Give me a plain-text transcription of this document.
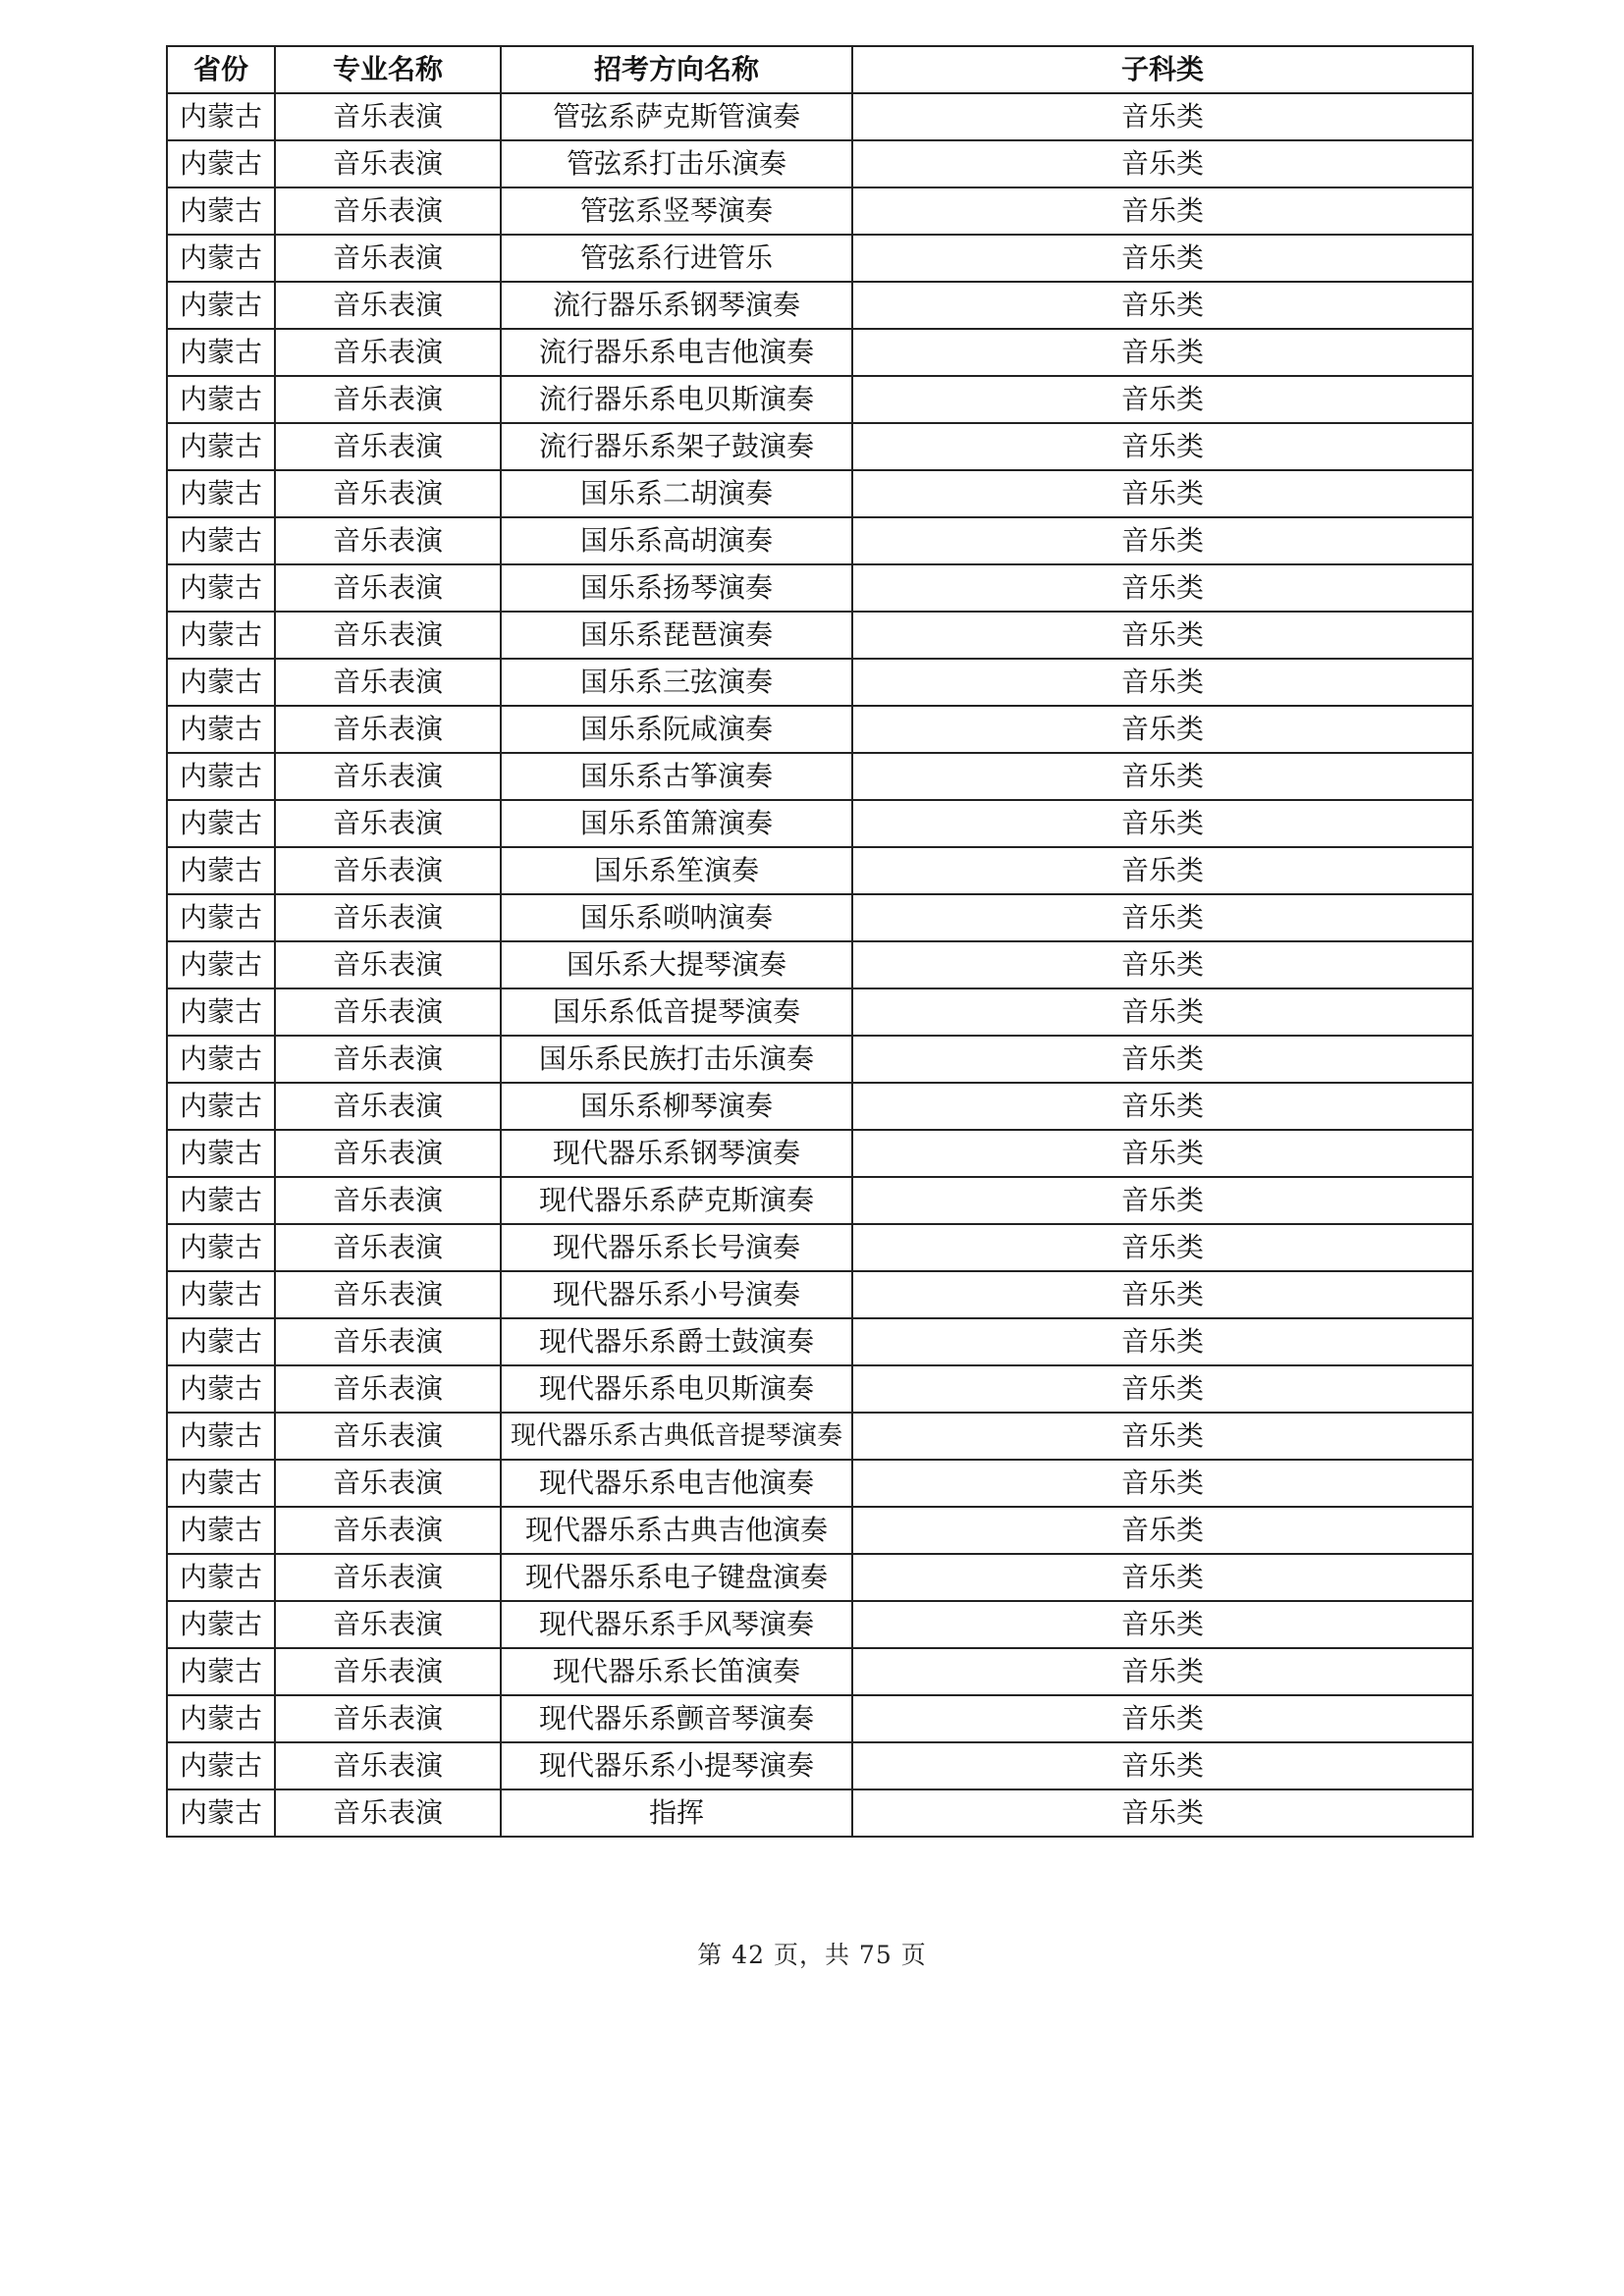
省份	专业名称	招考方向名称	子科类
内蒙古	音乐表演	管弦系萨克斯管演奏	音乐类
内蒙古	音乐表演	管弦系打击乐演奏	音乐类
内蒙古	音乐表演	管弦系竖琴演奏	音乐类
内蒙古	音乐表演	管弦系行进管乐	音乐类
内蒙古	音乐表演	流行器乐系钢琴演奏	音乐类
内蒙古	音乐表演	流行器乐系电吉他演奏	音乐类
内蒙古	音乐表演	流行器乐系电贝斯演奏	音乐类
内蒙古	音乐表演	流行器乐系架子鼓演奏	音乐类
内蒙古	音乐表演	国乐系二胡演奏	音乐类
内蒙古	音乐表演	国乐系高胡演奏	音乐类
内蒙古	音乐表演	国乐系扬琴演奏	音乐类
内蒙古	音乐表演	国乐系琵琶演奏	音乐类
内蒙古	音乐表演	国乐系三弦演奏	音乐类
内蒙古	音乐表演	国乐系阮咸演奏	音乐类
内蒙古	音乐表演	国乐系古筝演奏	音乐类
内蒙古	音乐表演	国乐系笛箫演奏	音乐类
内蒙古	音乐表演	国乐系笙演奏	音乐类
内蒙古	音乐表演	国乐系唢呐演奏	音乐类
内蒙古	音乐表演	国乐系大提琴演奏	音乐类
内蒙古	音乐表演	国乐系低音提琴演奏	音乐类
内蒙古	音乐表演	国乐系民族打击乐演奏	音乐类
内蒙古	音乐表演	国乐系柳琴演奏	音乐类
内蒙古	音乐表演	现代器乐系钢琴演奏	音乐类
内蒙古	音乐表演	现代器乐系萨克斯演奏	音乐类
内蒙古	音乐表演	现代器乐系长号演奏	音乐类
内蒙古	音乐表演	现代器乐系小号演奏	音乐类
内蒙古	音乐表演	现代器乐系爵士鼓演奏	音乐类
内蒙古	音乐表演	现代器乐系电贝斯演奏	音乐类
内蒙古	音乐表演	现代器乐系古典低音提琴演奏	音乐类
内蒙古	音乐表演	现代器乐系电吉他演奏	音乐类
内蒙古	音乐表演	现代器乐系古典吉他演奏	音乐类
内蒙古	音乐表演	现代器乐系电子键盘演奏	音乐类
内蒙古	音乐表演	现代器乐系手风琴演奏	音乐类
内蒙古	音乐表演	现代器乐系长笛演奏	音乐类
内蒙古	音乐表演	现代器乐系颤音琴演奏	音乐类
内蒙古	音乐表演	现代器乐系小提琴演奏	音乐类
内蒙古	音乐表演	指挥	音乐类
第 42 页，共 75 页
